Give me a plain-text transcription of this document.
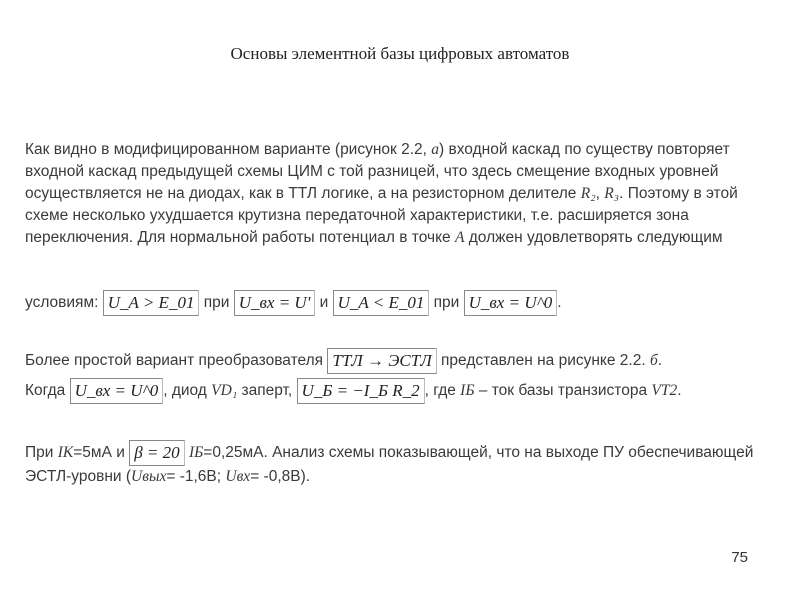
Основы элементной базы цифровых автоматов

Как видно в модифицированном варианте (рисунок 2.2, а) входной каскад по существу повторяет входной каскад предыдущей схемы ЦИМ с той разницей, что здесь смещение входных уровней осуществляется не на диодах, как в ТТЛ логике, а на резисторном делителе R₂, R₃. Поэтому в этой схеме несколько ухудшается крутизна передаточной характеристики, т.е. расширяется зона переключения. Для нормальной работы потенциал в точке A должен удовлетворять следующим

условиям: U_A > E_01 при U_вх = U' и U_A < E_01 при U_вх = U^0 .

Более простой вариант преобразователя ТТЛ → ЭСТЛ представлен на рисунке 2.2. б.

Когда U_вх = U^0 , диод VD₁ заперт, U_Б = −I_Б R_2 , где IБ – ток базы транзистора VT2.

При IK=5мА и β = 20 IБ=0,25мА. Анализ схемы показывающей, что на выходе ПУ обеспечивающей ЭСТЛ-уровни (Uвых= -1,6В; Uвх= -0,8В).

75
